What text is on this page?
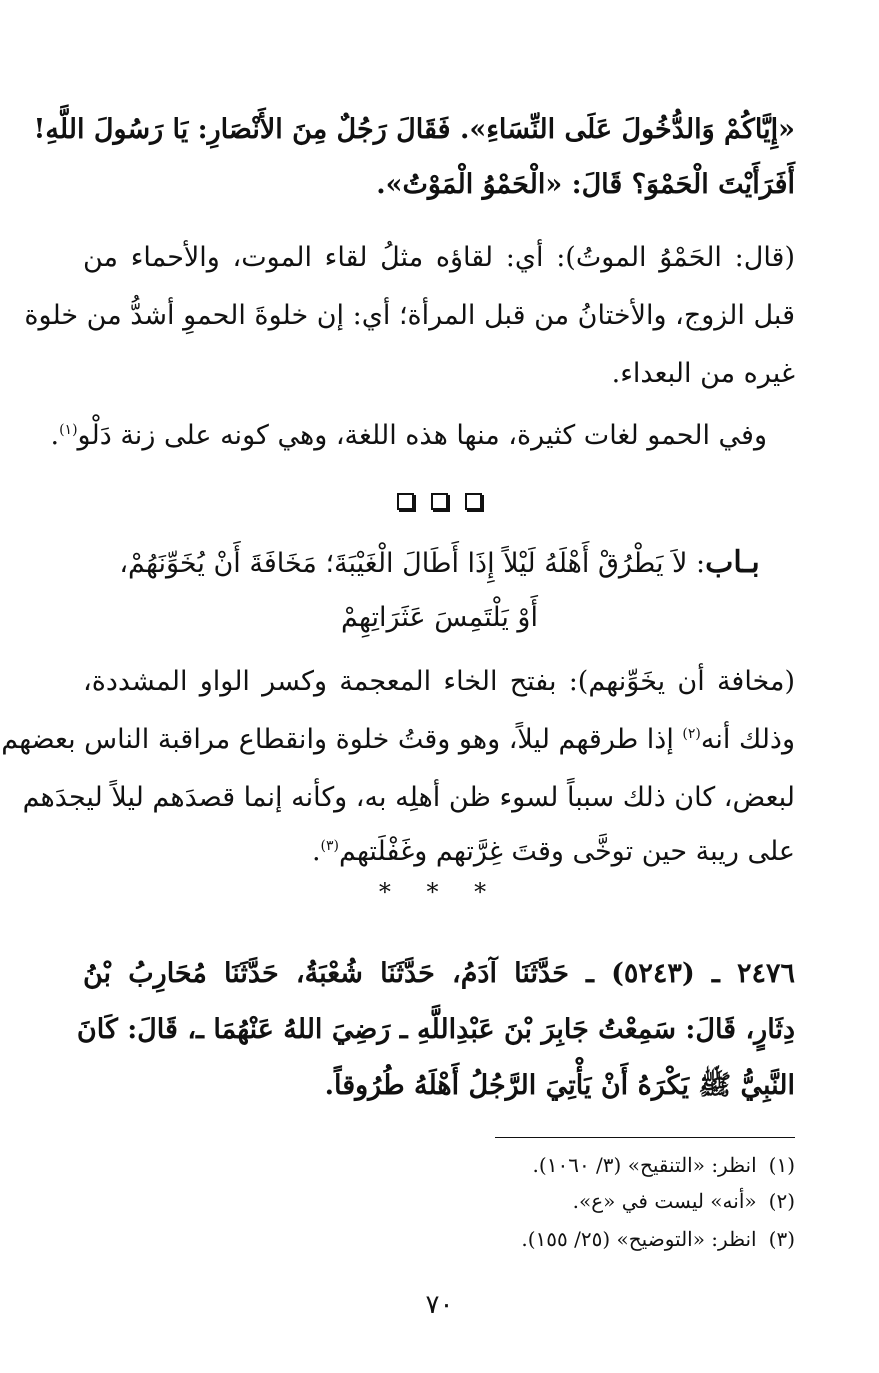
«إِيَّاكُمْ وَالدُّخُولَ عَلَى النِّسَاءِ». فَقَالَ رَجُلٌ مِنَ الأَنْصَارِ: يَا رَسُولَ اللَّهِ!
أَفَرَأَيْتَ الْحَمْوَ؟ قَالَ: «الْحَمْوُ الْمَوْتُ».
(قال: الحَمْوُ الموتُ): أي: لقاؤه مثلُ لقاء الموت، والأحماء من
قبل الزوج، والأختانُ من قبل المرأة؛ أي: إن خلوةَ الحموِ أشدُّ من خلوة
غيره من البعداء.
وفي الحمو لغات كثيرة، منها هذه اللغة، وهي كونه على زنة دَلْو$^{(١)}$.
بـاب: لاَ يَطْرُقْ أَهْلَهُ لَيْلاً إِذَا أَطَالَ الْغَيْبَةَ؛ مَخَافَةَ أَنْ يُخَوِّنَهُمْ،
أَوْ يَلْتَمِسَ عَثَرَاتِهِمْ
(مخافة أن يخَوِّنهم): بفتح الخاء المعجمة وكسر الواو المشددة،
وذلك أنه$^{(٢)}$ إذا طرقهم ليلاً، وهو وقتُ خلوة وانقطاع مراقبة الناس بعضهم
لبعض، كان ذلك سبباً لسوء ظن أهلِه به، وكأنه إنما قصدَهم ليلاً ليجدَهم
على ريبة حين توخَّى وقتَ غِرَّتهم وغَفْلَتهم$^{(٣)}$.
* * *
٢٤٧٦ ـ (٥٢٤٣) ـ حَدَّثَنَا آدَمُ، حَدَّثَنَا شُعْبَةُ، حَدَّثَنَا مُحَارِبُ بْنُ
دِثَارٍ، قَالَ: سَمِعْتُ جَابِرَ بْنَ عَبْدِاللَّهِ ـ رَضِيَ اللهُ عَنْهُمَا ـ، قَالَ: كَانَ
النَّبِيُّ ﷺ يَكْرَهُ أَنْ يَأْتِيَ الرَّجُلُ أَهْلَهُ طُرُوقاً.
(١)انظر: «التنقيح» (٣/ ١٠٦٠).
(٢)«أنه» ليست في «ع».
(٣)انظر: «التوضيح» (٢٥/ ١٥٥).
٧٠
